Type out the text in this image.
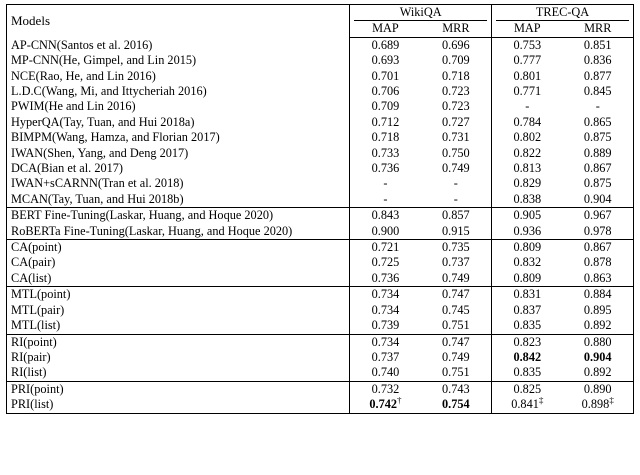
Models	WikiQA		TREC-QA	

	MAP	MRR	MAP	MRR
AP-CNN(Santos et al. 2016)	0.689	0.696	0.753	0.851
MP-CNN(He, Gimpel, and Lin 2015)	0.693	0.709	0.777	0.836
NCE(Rao, He, and Lin 2016)	0.701	0.718	0.801	0.877
L.D.C(Wang, Mi, and Ittycheriah 2016)	0.706	0.723	0.771	0.845
PWIM(He and Lin 2016)	0.709	0.723	-	-
HyperQA(Tay, Tuan, and Hui 2018a)	0.712	0.727	0.784	0.865
BIMPM(Wang, Hamza, and Florian 2017)	0.718	0.731	0.802	0.875
IWAN(Shen, Yang, and Deng 2017)	0.733	0.750	0.822	0.889
DCA(Bian et al. 2017)	0.736	0.749	0.813	0.867
IWAN+sCARNN(Tran et al. 2018)	-	-	0.829	0.875
MCAN(Tay, Tuan, and Hui 2018b)	-	-	0.838	0.904
BERT Fine-Tuning(Laskar, Huang, and Hoque 2020)	0.843	0.857	0.905	0.967
RoBERTa Fine-Tuning(Laskar, Huang, and Hoque 2020)	0.900	0.915	0.936	0.978
CA(point)	0.721	0.735	0.809	0.867
CA(pair)	0.725	0.737	0.832	0.878
CA(list)	0.736	0.749	0.809	0.863
MTL(point)	0.734	0.747	0.831	0.884
MTL(pair)	0.734	0.745	0.837	0.895
MTL(list)	0.739	0.751	0.835	0.892
RI(point)	0.734	0.747	0.823	0.880
RI(pair)	0.737	0.749	0.842	0.904
RI(list)	0.740	0.751	0.835	0.892
PRI(point)	0.732	0.743	0.825	0.890
PRI(list)	0.742†	0.754	0.841‡	0.898‡
